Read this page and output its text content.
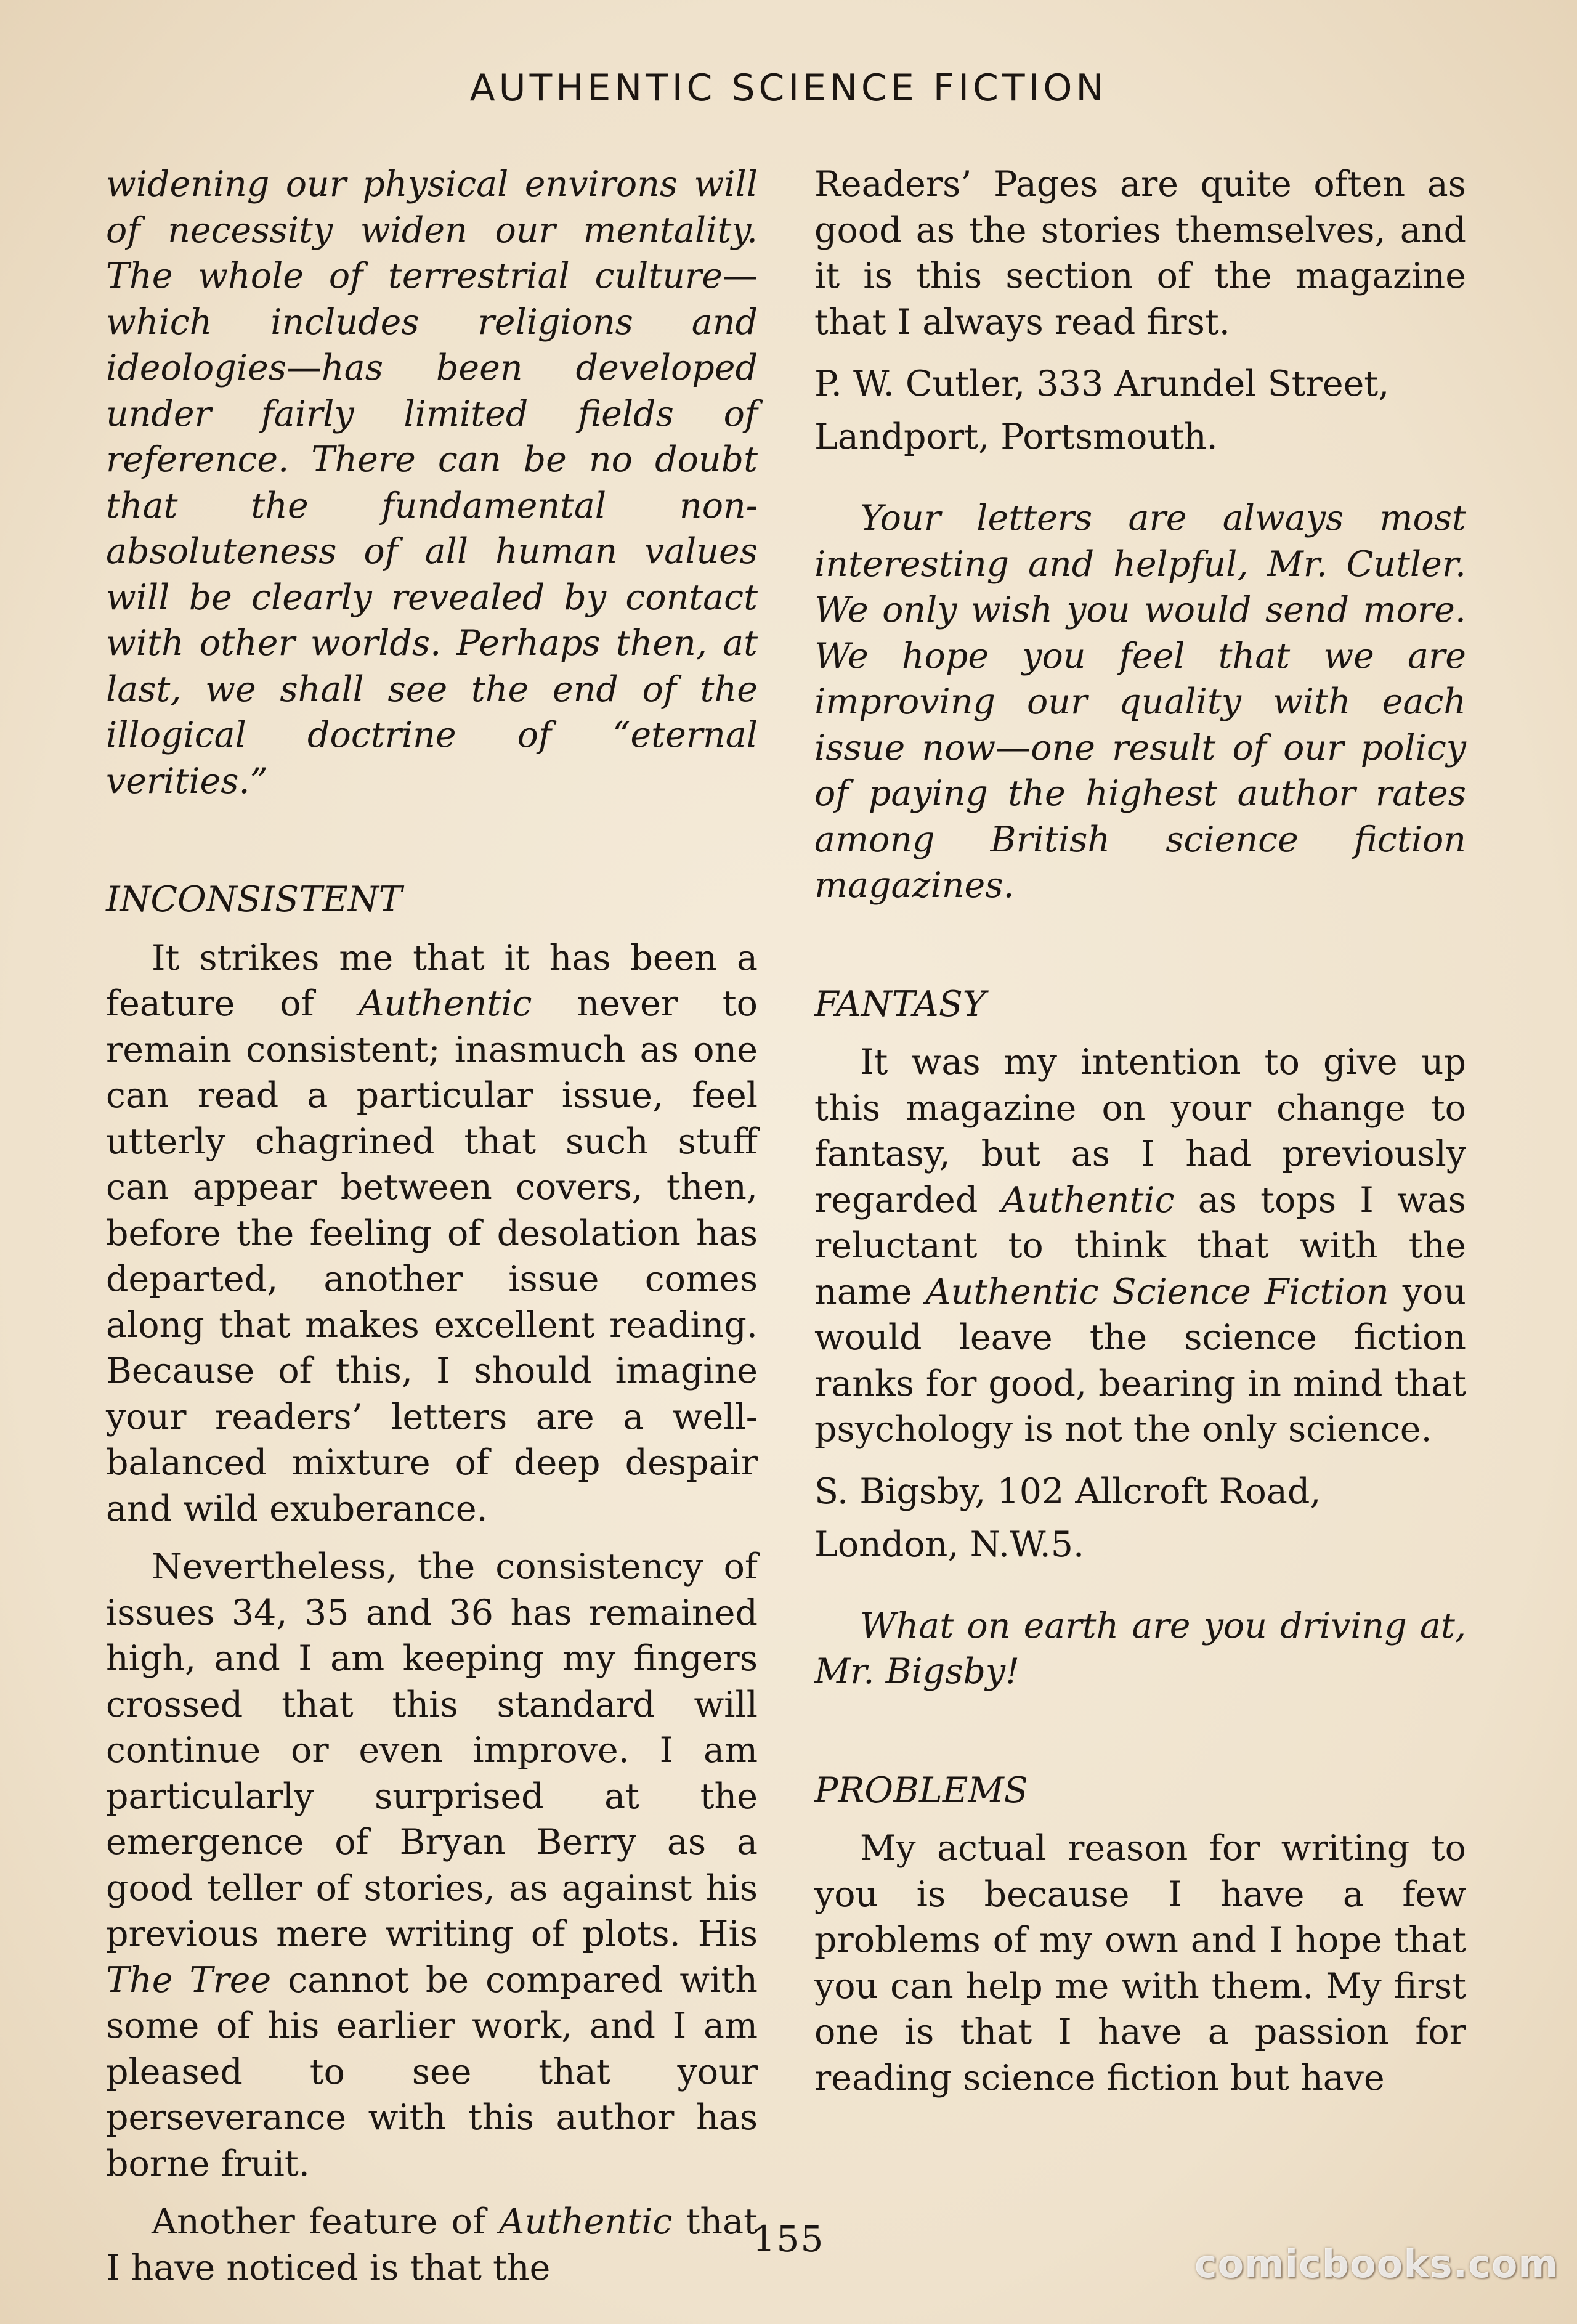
AUTHENTIC SCIENCE FICTION

widening our physical environs will of necessity widen our mentality. The whole of terrestrial culture—which includes religions and ideologies—has been developed under fairly limited fields of reference. There can be no doubt that the fundamental non-absoluteness of all human values will be clearly revealed by contact with other worlds. Perhaps then, at last, we shall see the end of the illogical doctrine of “eternal verities.”

INCONSISTENT

It strikes me that it has been a feature of Authentic never to remain consistent; inasmuch as one can read a particular issue, feel utterly chagrined that such stuff can appear between covers, then, before the feeling of desolation has departed, another issue comes along that makes excellent reading. Because of this, I should imagine your readers’ letters are a well-balanced mixture of deep despair and wild exuberance.

Nevertheless, the consistency of issues 34, 35 and 36 has remained high, and I am keeping my fingers crossed that this standard will continue or even improve. I am particularly surprised at the emergence of Bryan Berry as a good teller of stories, as against his previous mere writing of plots. His The Tree cannot be compared with some of his earlier work, and I am pleased to see that your perseverance with this author has borne fruit.

Another feature of Authentic that I have noticed is that the

Readers’ Pages are quite often as good as the stories themselves, and it is this section of the magazine that I always read first.

P. W. Cutler, 333 Arundel Street,
Landport, Portsmouth.

Your letters are always most interesting and helpful, Mr. Cutler. We only wish you would send more. We hope you feel that we are improving our quality with each issue now—one result of our policy of paying the highest author rates among British science fiction magazines.

FANTASY

It was my intention to give up this magazine on your change to fantasy, but as I had previously regarded Authentic as tops I was reluctant to think that with the name Authentic Science Fiction you would leave the science fiction ranks for good, bearing in mind that psychology is not the only science.

S. Bigsby, 102 Allcroft Road,
London, N.W.5.

What on earth are you driving at, Mr. Bigsby!

PROBLEMS

My actual reason for writing to you is because I have a few problems of my own and I hope that you can help me with them. My first one is that I have a passion for reading science fiction but have

155
comicbooks.com
